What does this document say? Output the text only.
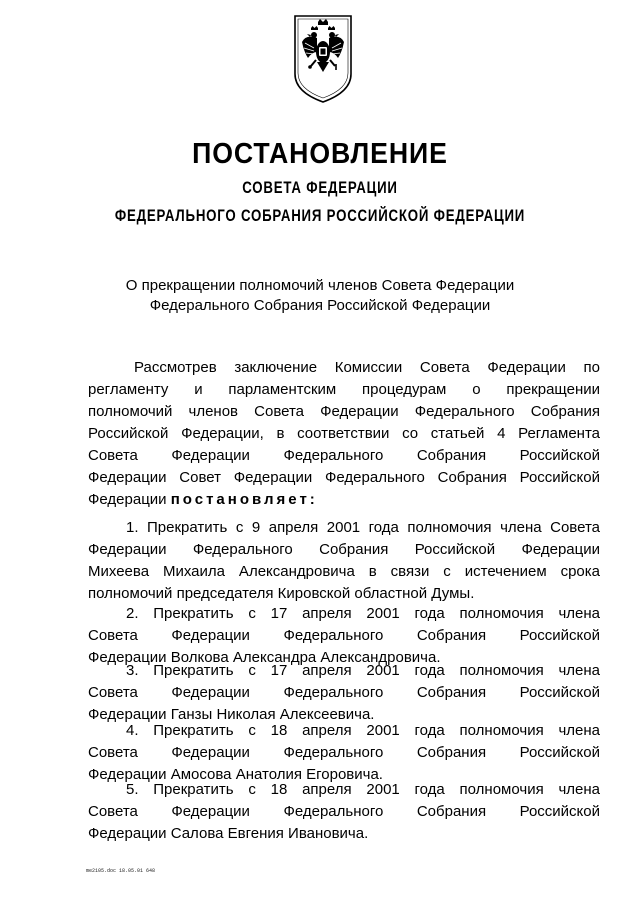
ПОСТАНОВЛЕНИЕ
СОВЕТА ФЕДЕРАЦИИ
ФЕДЕРАЛЬНОГО СОБРАНИЯ РОССИЙСКОЙ ФЕДЕРАЦИИ
О прекращении полномочий членов Совета Федерации
Федерального Собрания Российской Федерации
Рассмотрев заключение Комиссии Совета Федерации по
регламенту и парламентским процедурам о прекращении
полномочий членов Совета Федерации Федерального Собрания
Российской Федерации, в соответствии со статьей 4 Регламента
Совета Федерации Федерального Собрания Российской
Федерации Совет Федерации Федерального Собрания Российской
Федерации постановляет:
1. Прекратить с 9 апреля 2001 года полномочия члена Совета
Федерации Федерального Собрания Российской Федерации
Михеева Михаила Александровича в связи с истечением срока
полномочий председателя Кировской областной Думы.
2. Прекратить с 17 апреля 2001 года полномочия члена
Совета Федерации Федерального Собрания Российской
Федерации Волкова Александра Александровича.
3. Прекратить с 17 апреля 2001 года полномочия члена
Совета Федерации Федерального Собрания Российской
Федерации Ганзы Николая Алексеевича.
4. Прекратить с 18 апреля 2001 года полномочия члена
Совета Федерации Федерального Собрания Российской
Федерации Амосова Анатолия Егоровича.
5. Прекратить с 18 апреля 2001 года полномочия члена
Совета Федерации Федерального Собрания Российской
Федерации Салова Евгения Ивановича.
me2105.doc 18.05.01 648
